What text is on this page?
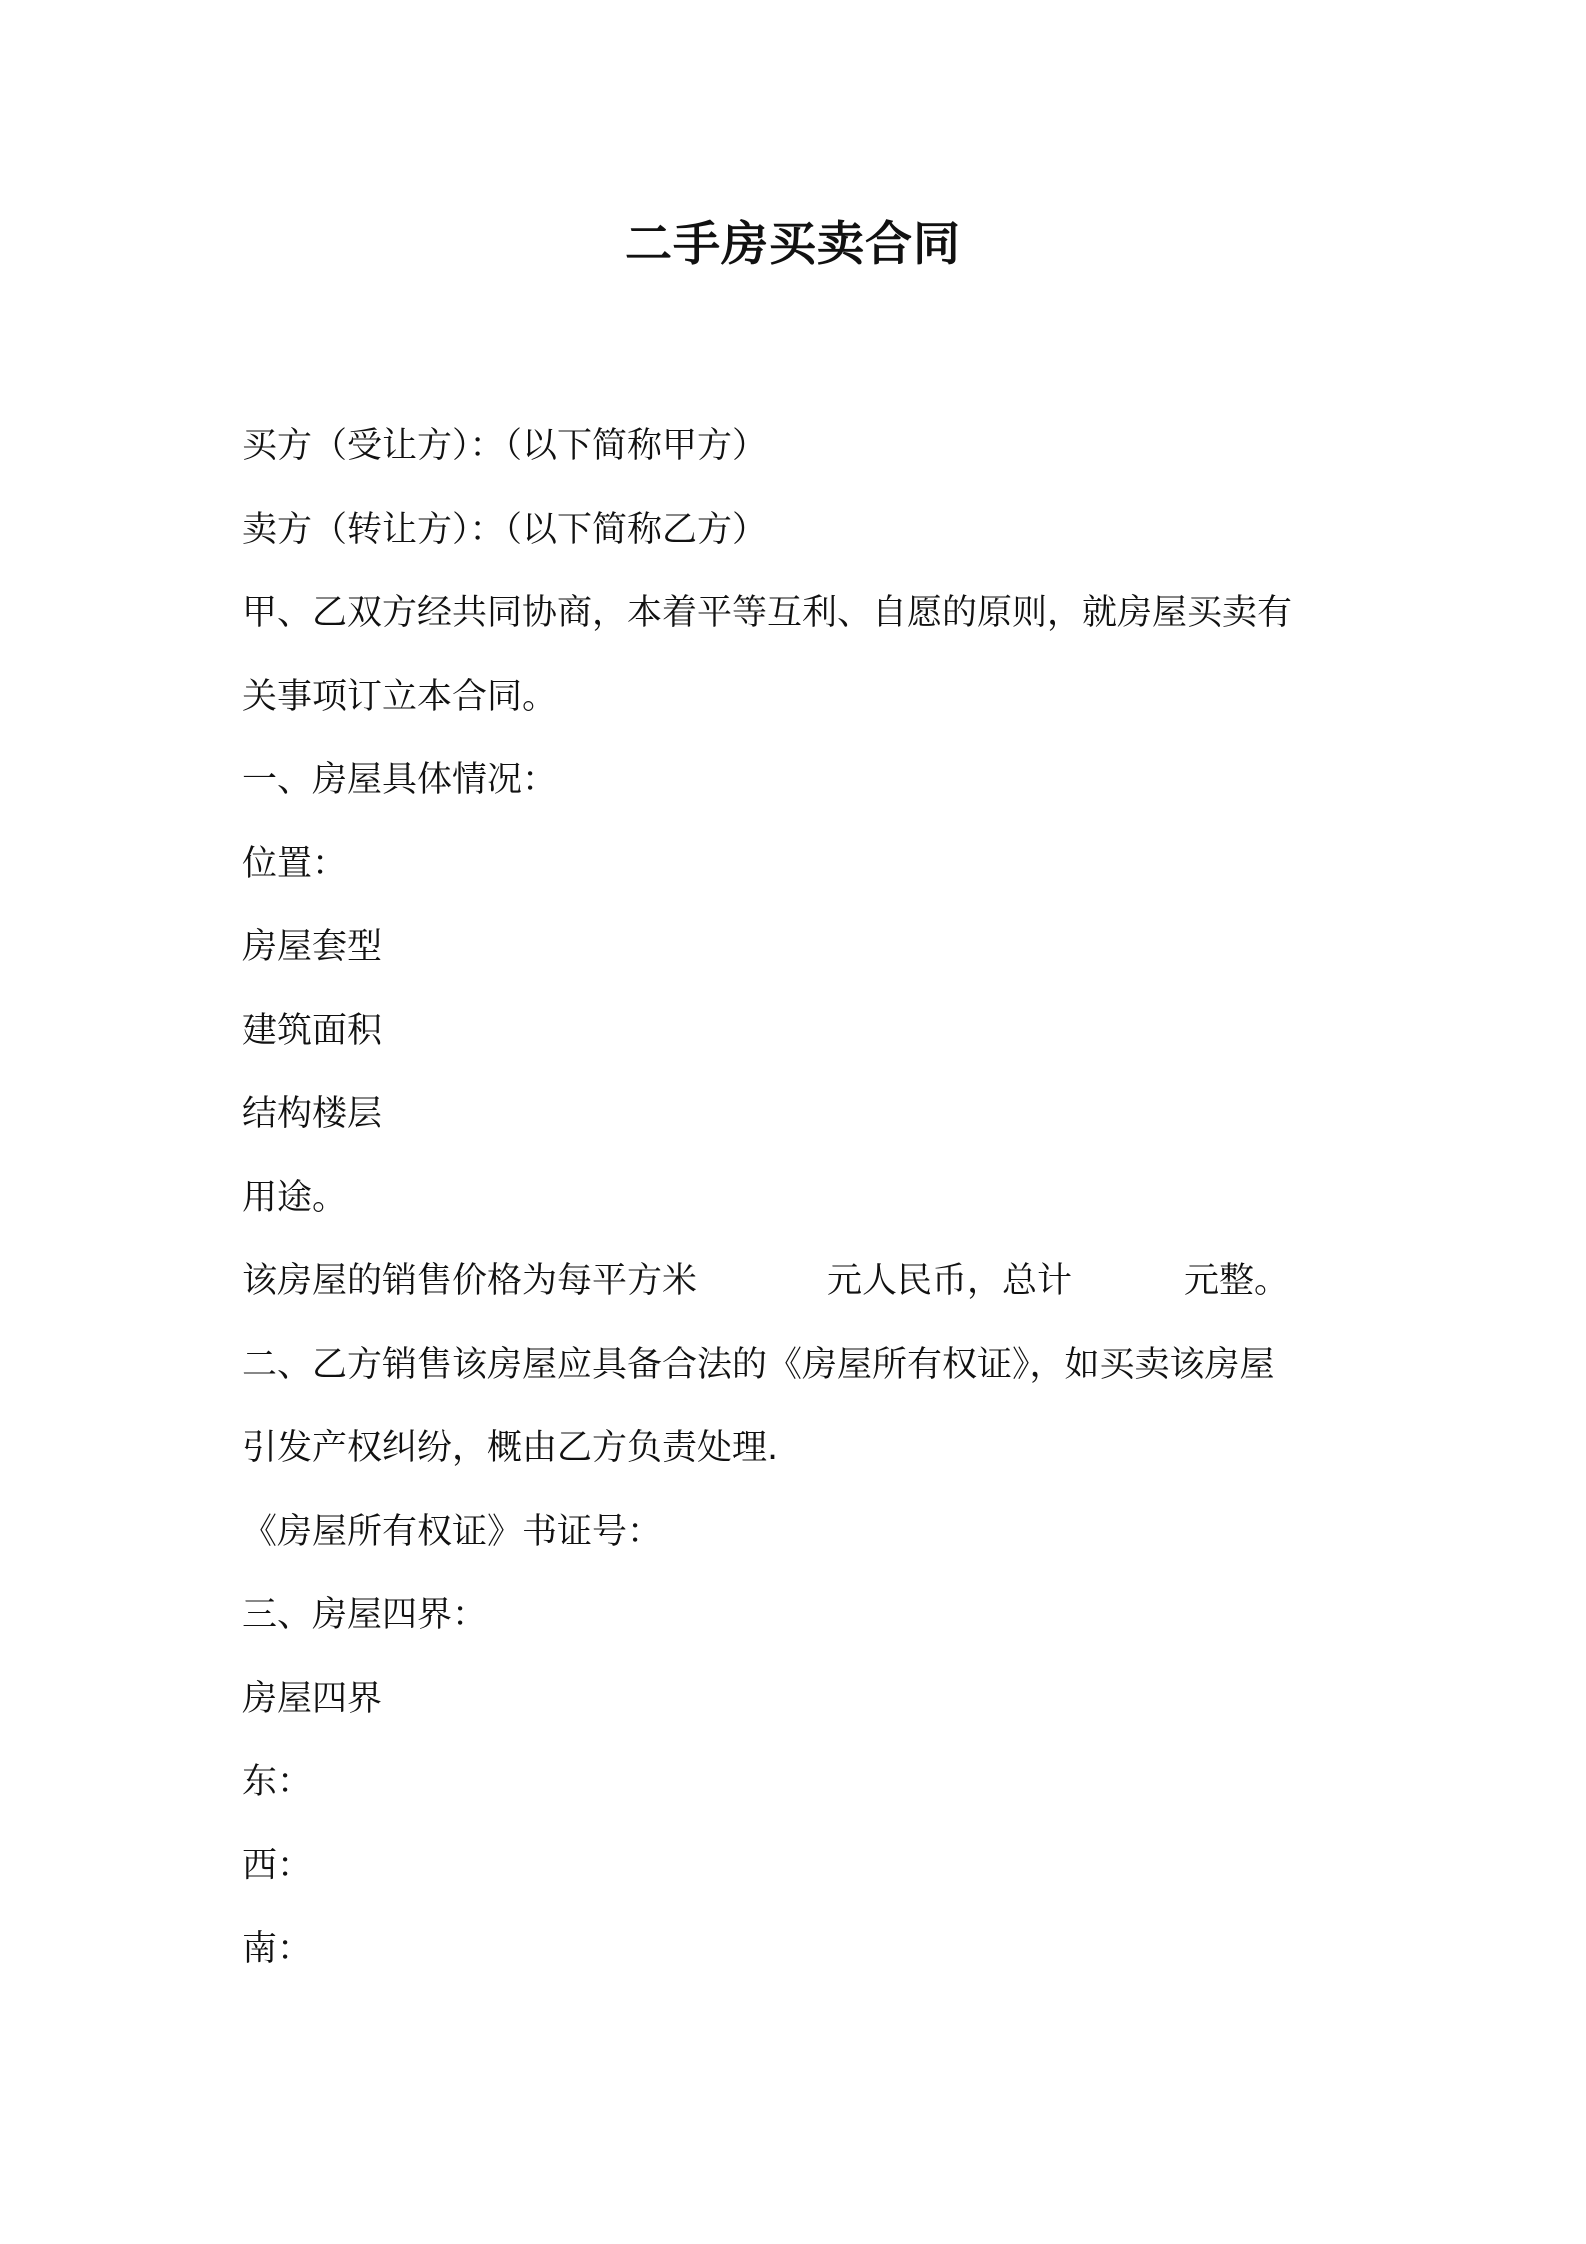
二手房买卖合同
买方（受让方）：（以下简称甲方）
卖方（转让方）：（以下简称乙方）
甲、乙双方经共同协商，本着平等互利、自愿的原则，就房屋买卖有
关事项订立本合同。
一、房屋具体情况：
位置：
房屋套型
建筑面积
结构楼层
用途。
该房屋的销售价格为每平方米	元人民币，总计	元整。
二、乙方销售该房屋应具备合法的《房屋所有权证》，如买卖该房屋
引发产权纠纷，概由乙方负责处理.
《房屋所有权证》书证号：
三、房屋四界：
房屋四界
东：
西：
南：
